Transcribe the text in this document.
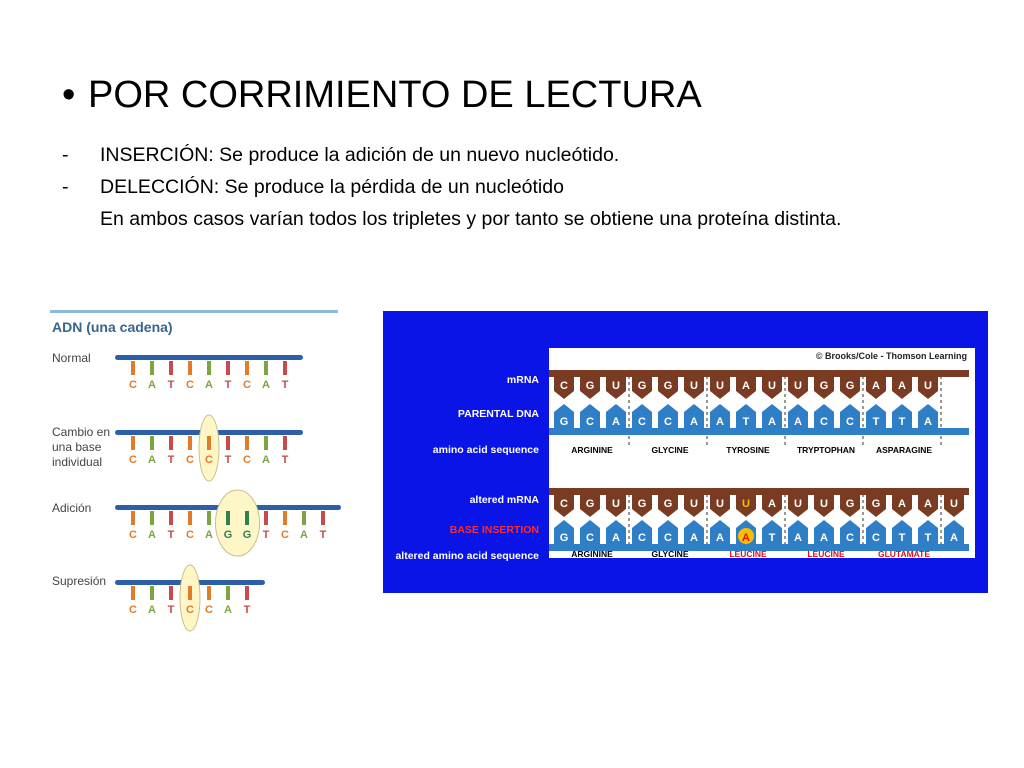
• POR CORRIMIENTO DE LECTURA
-	INSERCIÓN: Se produce la adición de un nuevo nucleótido.
-	DELECCIÓN: Se produce la pérdida de un nucleótido
En ambos casos varían todos los tripletes y por tanto se obtiene una proteína distinta.
ADN (una cadena)
Normal
Cambio en una base individual
Adición
Supresión
C A T C A T C A T
C A T C C T C A T
C A T C A G G T C A T
C A T C C A T
mRNA
PARENTAL DNA
amino acid sequence
altered mRNA
BASE INSERTION
altered amino acid sequence
© Brooks/Cole - Thomson Learning
C G U G G U U A U U G G A A U
G C A C C A A T A A C C T T A
ARGININE	GLYCINE	TYROSINE	TRYPTOPHAN ASPARAGINE
C G U G G U U U A U U G G A A U
G C A C C A A A T A A C C T T A
ARGININE	GLYCINE	LEUCINE	LEUCINE	GLUTAMATE
